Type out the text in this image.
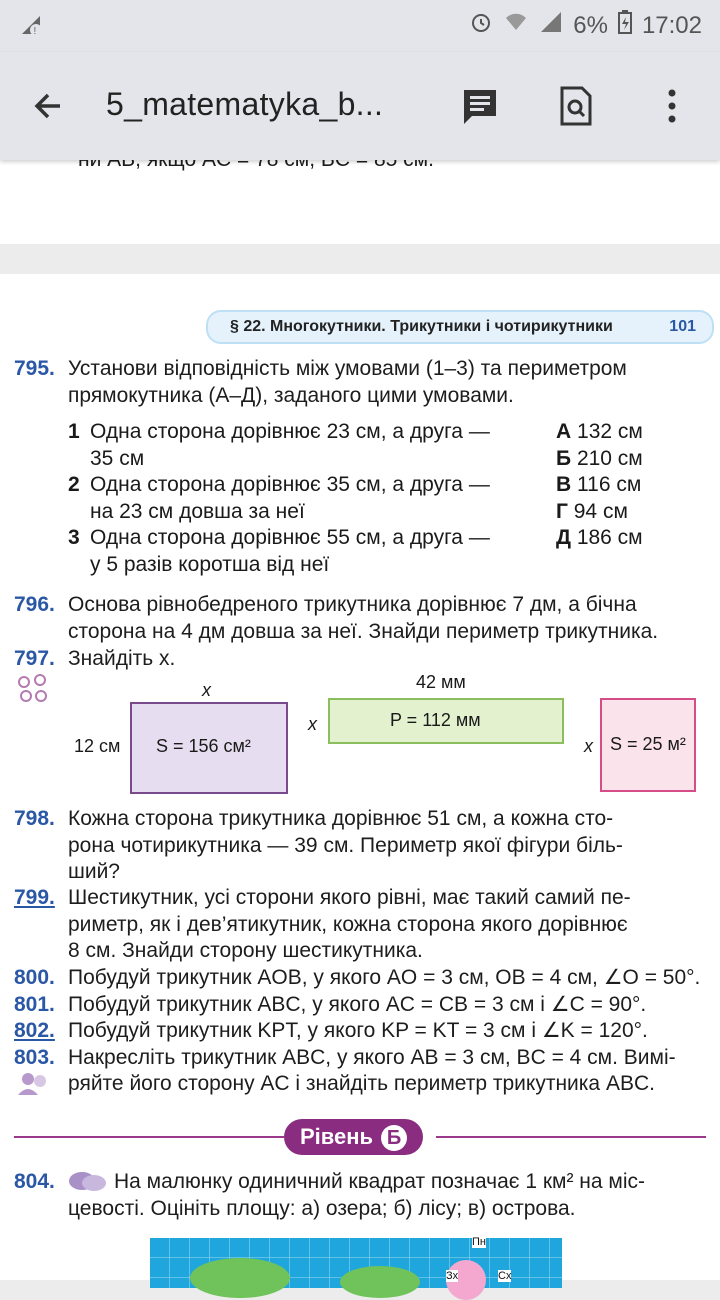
!	6% 17:02
5_matematyka_b...
§ 22. Многокутники. Трикутники і чотирикутники	101
795. Установи відповідність між умовами (1–3) та периметром
прямокутника (А–Д), заданого цими умовами.
1 Одна сторона дорівнює 23 см, а друга —
35 см
2 Одна сторона дорівнює 35 см, а друга —
на 23 см довша за неї
3 Одна сторона дорівнює 55 см, а друга —
у 5 разів коротша від неї
А 132 см
Б 210 см
В 116 см
Г 94 см
Д 186 см
796. Основа рівнобедреного трикутника дорівнює 7 дм, а бічна
сторона на 4 дм довша за неї. Знайди периметр трикутника.
797. Знайдіть x.
x
12 см S = 156 см²
42 мм
x	P = 112 мм
x S = 25 м²
798. Кожна сторона трикутника дорівнює 51 см, а кожна сто-
рона чотирикутника — 39 см. Периметр якої фігури біль-
ший?
799. Шестикутник, усі сторони якого рівні, має такий самий пе-
риметр, як і дев’ятикутник, кожна сторона якого дорівнює
8 см. Знайди сторону шестикутника.
800. Побудуй трикутник AOB, у якого AO = 3 см, OB = 4 см, ∠O = 50°.
801. Побудуй трикутник ABC, у якого AC = CB = 3 см і ∠C = 90°.
802. Побудуй трикутник KPT, у якого KP = KT = 3 см і ∠K = 120°.
803. Накресліть трикутник ABC, у якого AB = 3 см, BC = 4 см. Вимі-
ряйте його сторону AC і знайдіть периметр трикутника ABC.
Рівень Б
804.	На малюнку одиничний квадрат позначає 1 км² на міс-
цевості. Оцініть площу: а) озера; б) лісу; в) острова.
Пн
Зх	Сх
